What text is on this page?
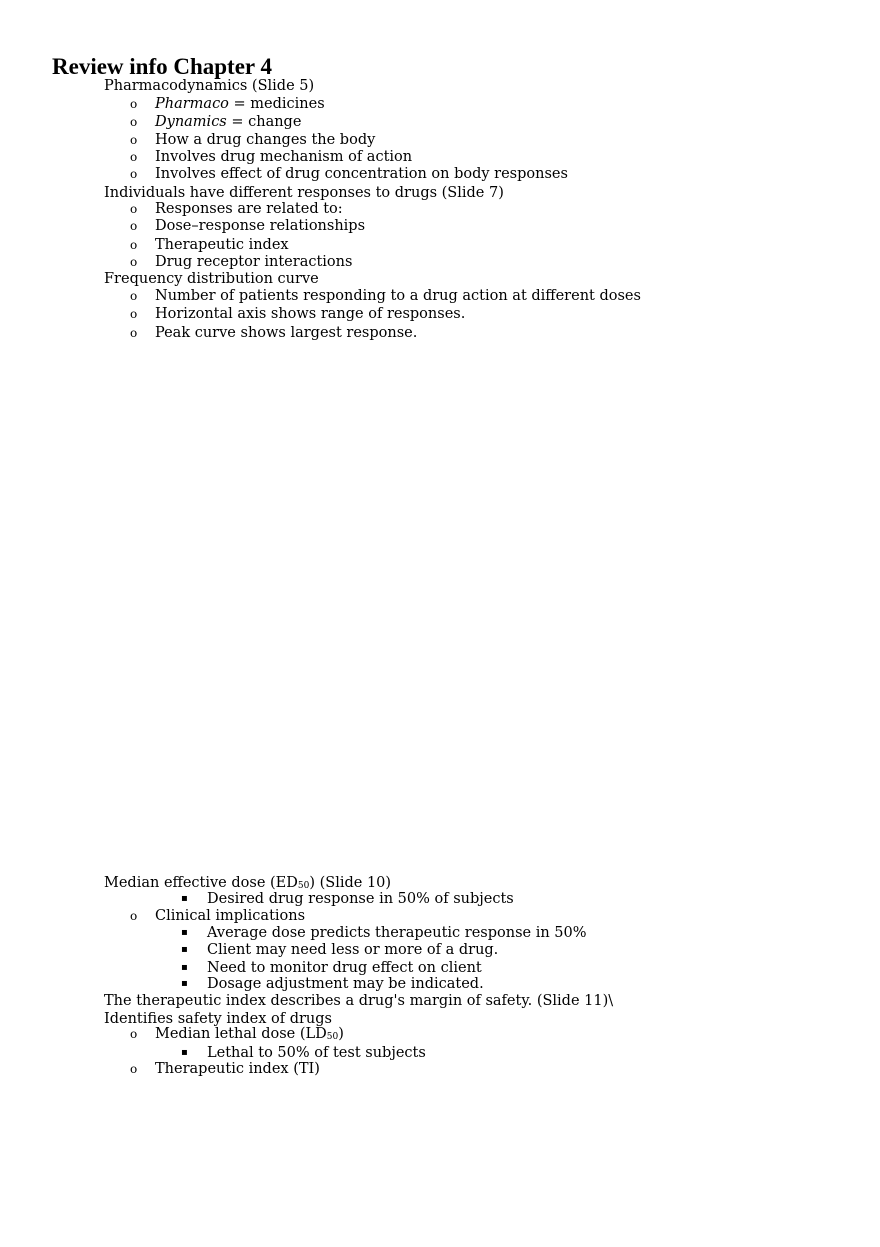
Review info Chapter 4
Pharmacodynamics (Slide 5)
o Pharmaco = medicines
o Dynamics = change
o How a drug changes the body
o Involves drug mechanism of action
o Involves effect of drug concentration on body responses
Individuals have different responses to drugs (Slide 7)
o Responses are related to:
o Dose–response relationships
o Therapeutic index
o Drug receptor interactions
Frequency distribution curve
o Number of patients responding to a drug action at different doses
o Horizontal axis shows range of responses.
o Peak curve shows largest response.
Median effective dose $(ED_{50})$ (Slide 10)
▪ Desired drug response in 50% of subjects
o Clinical implications
▪ Average dose predicts therapeutic response in 50%
▪ Client may need less or more of a drug.
▪ Need to monitor drug effect on client
▪ Dosage adjustment may be indicated.
The therapeutic index describes a drug's margin of safety. (Slide 11)\
Identifies safety index of drugs
o Median lethal dose $(LD_{50})$
▪ Lethal to 50% of test subjects
o Therapeutic index (TI)
